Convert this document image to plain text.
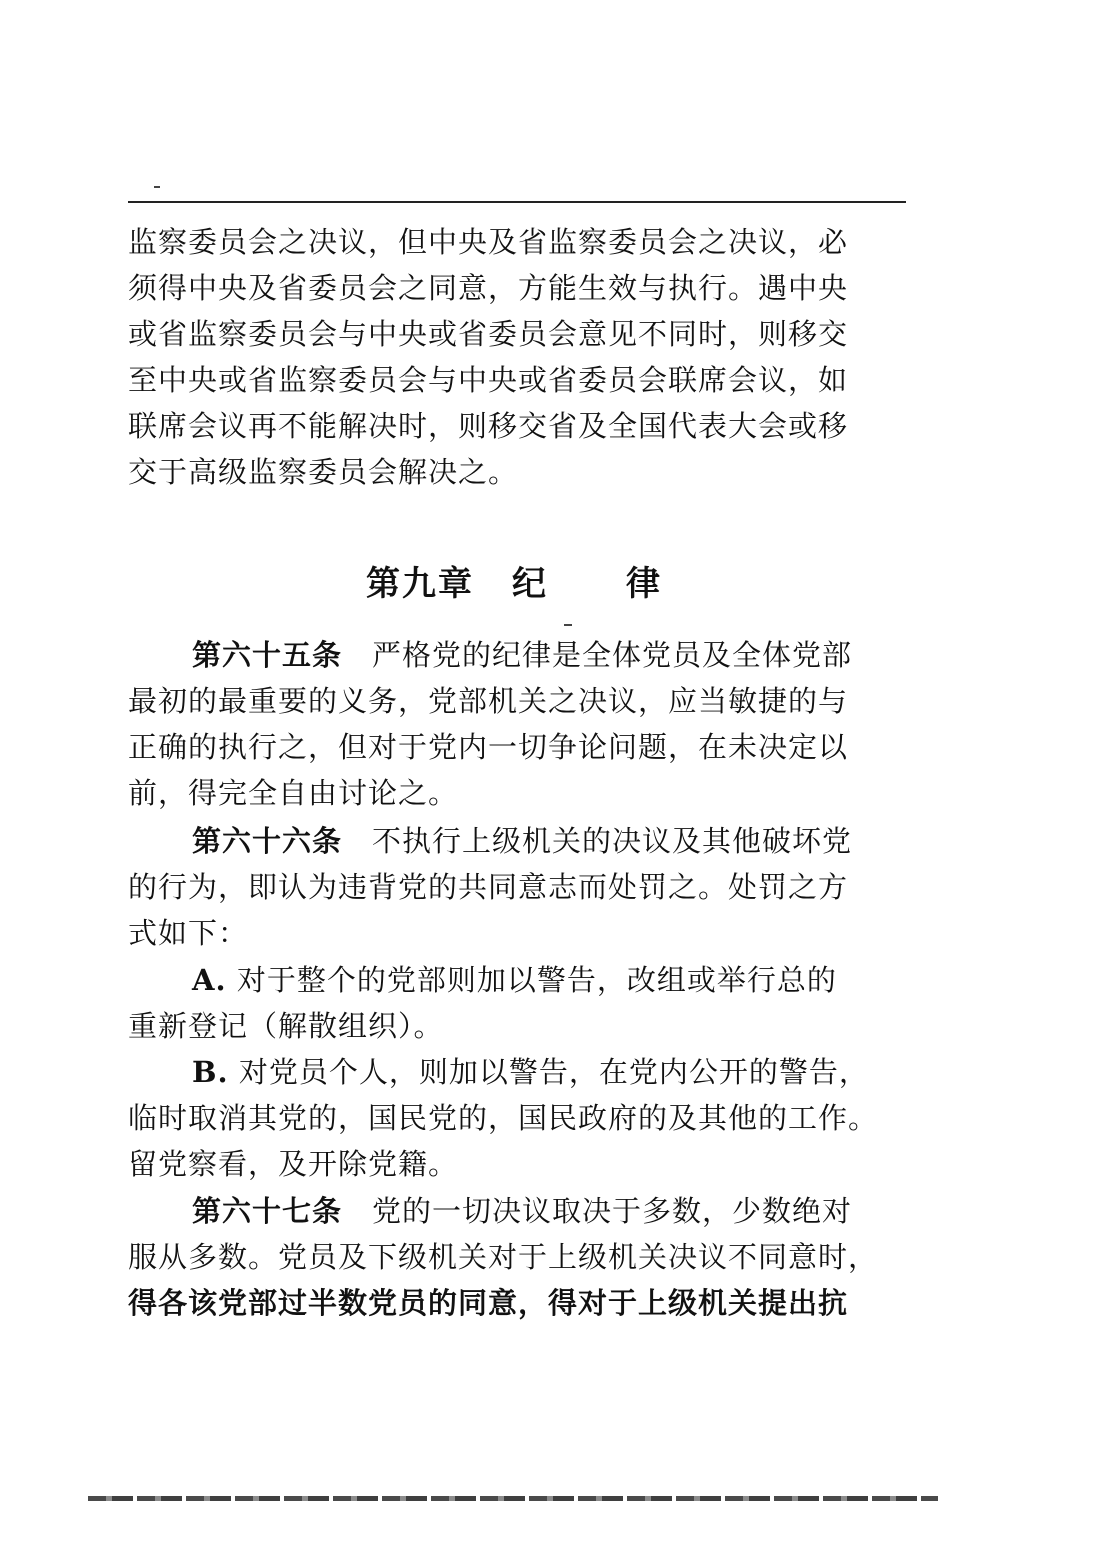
监察委员会之决议，但中央及省监察委员会之决议，必
须得中央及省委员会之同意，方能生效与执行。遇中央
或省监察委员会与中央或省委员会意见不同时，则移交
至中央或省监察委员会与中央或省委员会联席会议，如
联席会议再不能解决时，则移交省及全国代表大会或移
交于高级监察委员会解决之。
第九章 纪 律
第六十五条　 严格党的纪律是全体党员及全体党部
最初的最重要的义务，党部机关之决议，应当敏捷的与
正确的执行之，但对于党内一切争论问题，在未决定以
前，得完全自由讨论之。
第六十六条　 不执行上级机关的决议及其他破坏党
的行为，即认为违背党的共同意志而处罚之。处罚之方
式如下：
A. 对于整个的党部则加以警告，改组或举行总的
重新登记（解散组织）。
B. 对党员个人，则加以警告，在党内公开的警告，
临时取消其党的，国民党的，国民政府的及其他的工作。
留党察看，及开除党籍。
第六十七条　 党的一切决议取决于多数，少数绝对
服从多数。党员及下级机关对于上级机关决议不同意时，
得各该党部过半数党员的同意，得对于上级机关提出抗
